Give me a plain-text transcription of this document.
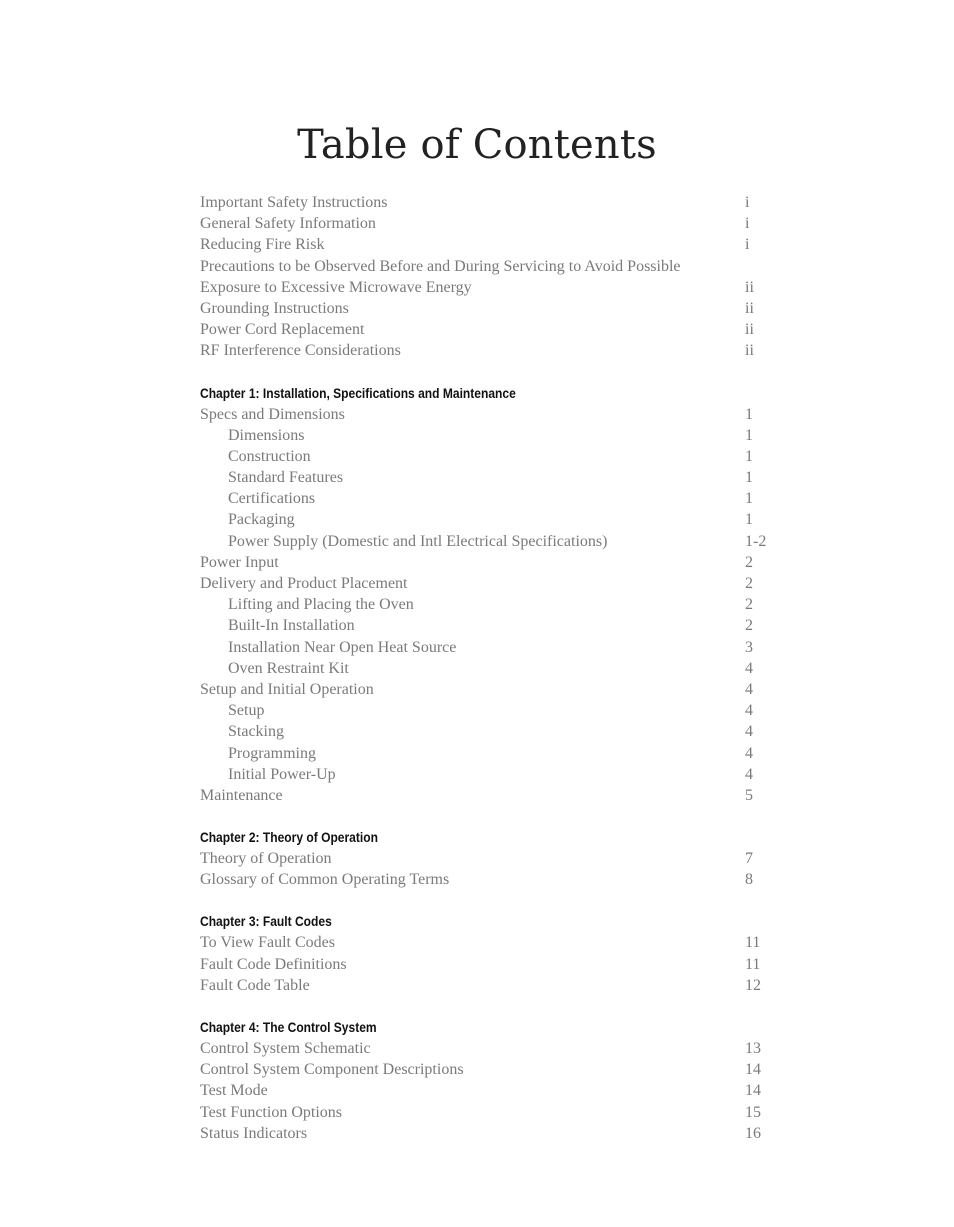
Table of Contents
Important Safety Instructions	i
General Safety Information	i
Reducing Fire Risk	i
Precautions to be Observed Before and During Servicing to Avoid Possible
Exposure to Excessive Microwave Energy	ii
Grounding Instructions	ii
Power Cord Replacement	ii
RF Interference Considerations	ii
Chapter 1: Installation, Specifications and Maintenance
Specs and Dimensions	1
Dimensions	1
Construction	1
Standard Features	1
Certifications	1
Packaging	1
Power Supply (Domestic and Intl Electrical Specifications)	1-2
Power Input	2
Delivery and Product Placement	2
Lifting and Placing the Oven	2
Built-In Installation	2
Installation Near Open Heat Source	3
Oven Restraint Kit	4
Setup and Initial Operation	4
Setup	4
Stacking	4
Programming	4
Initial Power-Up	4
Maintenance	5
Chapter 2: Theory of Operation
Theory of Operation	7
Glossary of Common Operating Terms	8
Chapter 3: Fault Codes
To View Fault Codes	11
Fault Code Definitions	11
Fault Code Table	12
Chapter 4: The Control System
Control System Schematic	13
Control System Component Descriptions	14
Test Mode	14
Test Function Options	15
Status Indicators	16
